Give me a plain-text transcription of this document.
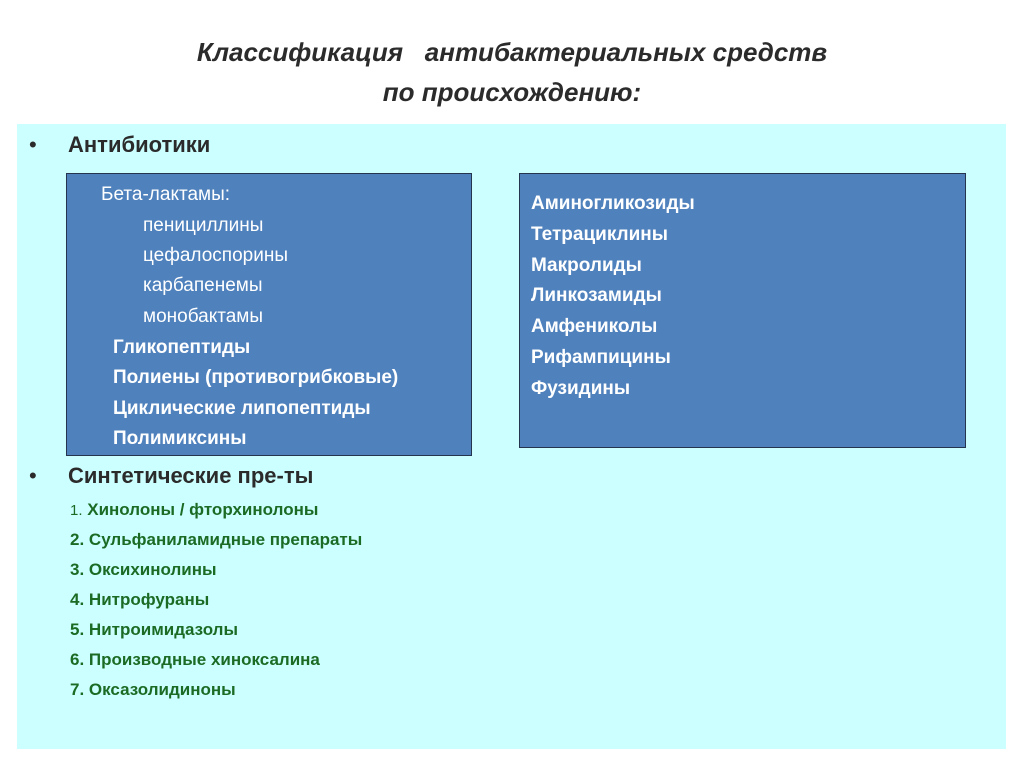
Классификация   антибактериальных средств
по происхождению:
• Антибиотики
Бета-лактамы:
пенициллины
цефалоспорины
карбапенемы
монобактамы
Гликопептиды
Полиены (противогрибковые)
Циклические липопептиды
Полимиксины
Аминогликозиды
Тетрациклины
Макролиды
Линкозамиды
Амфениколы
Рифампицины
Фузидины
• Синтетические пре-ты
1. Хинолоны / фторхинолоны
2. Сульфаниламидные препараты
3. Оксихинолины
4. Нитрофураны
5. Нитроимидазолы
6. Производные хиноксалина
7. Оксазолидиноны
